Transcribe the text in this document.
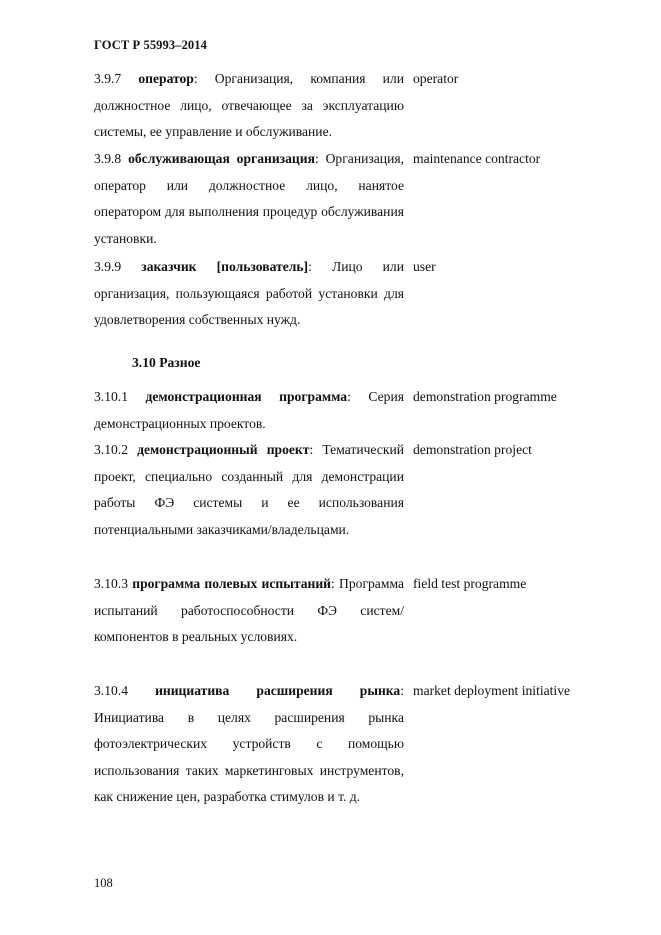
ГОСТ Р 55993–2014
3.9.7 оператор: Организация, компания или должностное лицо, отвечающее за эксплуатацию системы, ее управление и обслуживание.
operator
3.9.8 обслуживающая организация: Организация, оператор или должностное лицо, нанятое оператором для выполнения процедур обслуживания установки.
maintenance contractor
3.9.9 заказчик [пользователь]: Лицо или организация, пользующаяся работой установки для удовлетворения собственных нужд.
user
3.10 Разное
3.10.1 демонстрационная программа: Серия демонстрационных проектов.
demonstration programme
3.10.2 демонстрационный проект: Тематический проект, специально созданный для демонстрации работы ФЭ системы и ее использования потенциальными заказчиками/владельцами.
demonstration project
3.10.3 программа полевых испытаний: Программа испытаний работоспособности ФЭ систем/компонентов в реальных условиях.
field test programme
3.10.4 инициатива расширения рынка: Инициатива в целях расширения рынка фотоэлектрических устройств с помощью использования таких маркетинговых инструментов, как снижение цен, разработка стимулов и т. д.
market deployment initiative
108
